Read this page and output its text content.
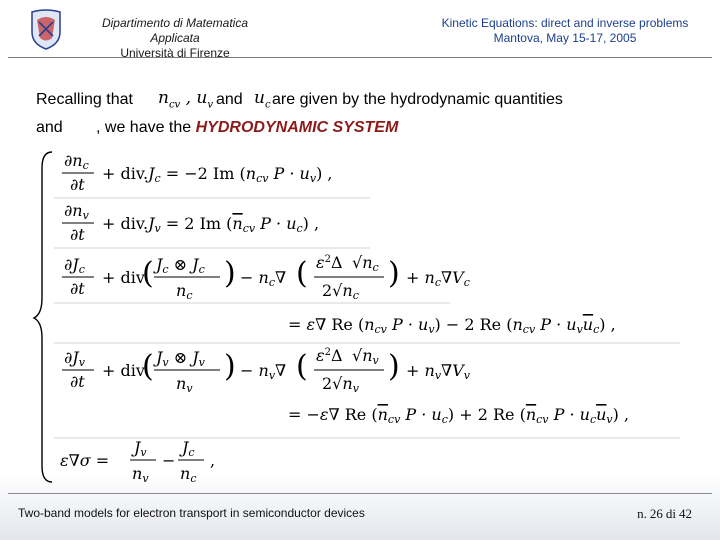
Dipartimento di Matematica Applicata
Università di Firenze
Kinetic Equations: direct and inverse problems
Mantova, May 15-17, 2005
Recalling that $n_{cv}$ , $u_v$ and $u_c$ are given by the hydrodynamic quantities
and , we have the HYDRODYNAMIC SYSTEM
∂nc
∂t
+ div.Jc = −2 Im (ncv P · uv) ,
∂nv
∂t
+ div.Jv = 2 Im (ncv P · uc) ,
∂Jc
∂t
+ div
( Jc ⊗ Jc
nc
) − nc∇ ( $\varepsilon^2\Delta$ √nc
2√nc
) + nc∇Vc
= ε∇ Re (ncv P · uv) − 2 Re (ncv P · uvuc) ,
∂Jv
∂t
+ div
( Jv ⊗ Jv
nv
) − nv∇ ( $\varepsilon^2\Delta$ √nv
2√nv
) + nv∇Vv
= −ε∇ Re (ncv P · uc) + 2 Re (ncv P · ucuv) ,
ε∇σ =
Jv
nv
−
Jc
nc
,
Two-band models for electron transport in semiconductor devices	n. 26 di 42
